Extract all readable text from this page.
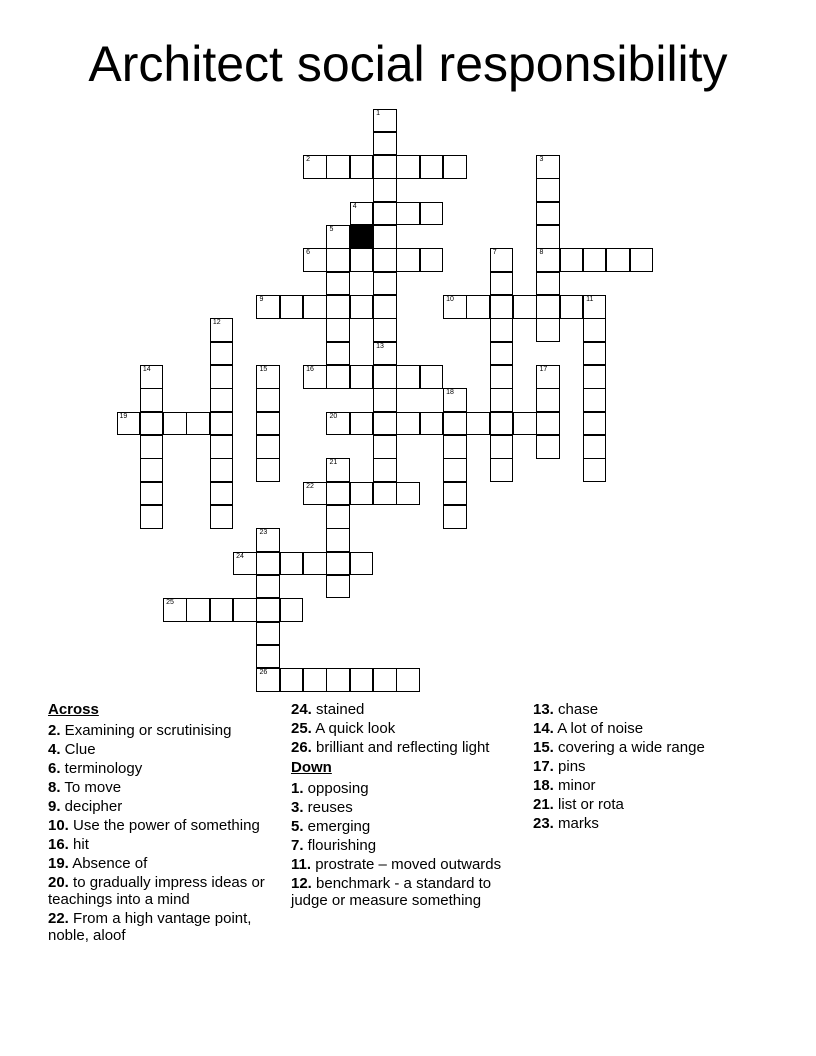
Architect social responsibility
1
13
2	3
8
4
5
6	7
9	10	11
12
14	15	16	17
18
19	20
21
22
23
26
24
25
Across
2. Examining or scrutinising
4. Clue
6. terminology
8. To move
9. decipher
10. Use the power of something
16. hit
19. Absence of
20. to gradually impress ideas or teachings into a mind
22. From a high vantage point, noble, aloof
24. stained
25. A quick look
26. brilliant and reflecting light
Down
1. opposing
3. reuses
5. emerging
7. flourishing
11. prostrate – moved outwards
12. benchmark - a standard to judge or measure something
13. chase
14. A lot of noise
15. covering a wide range
17. pins
18. minor
21. list or rota
23. marks
